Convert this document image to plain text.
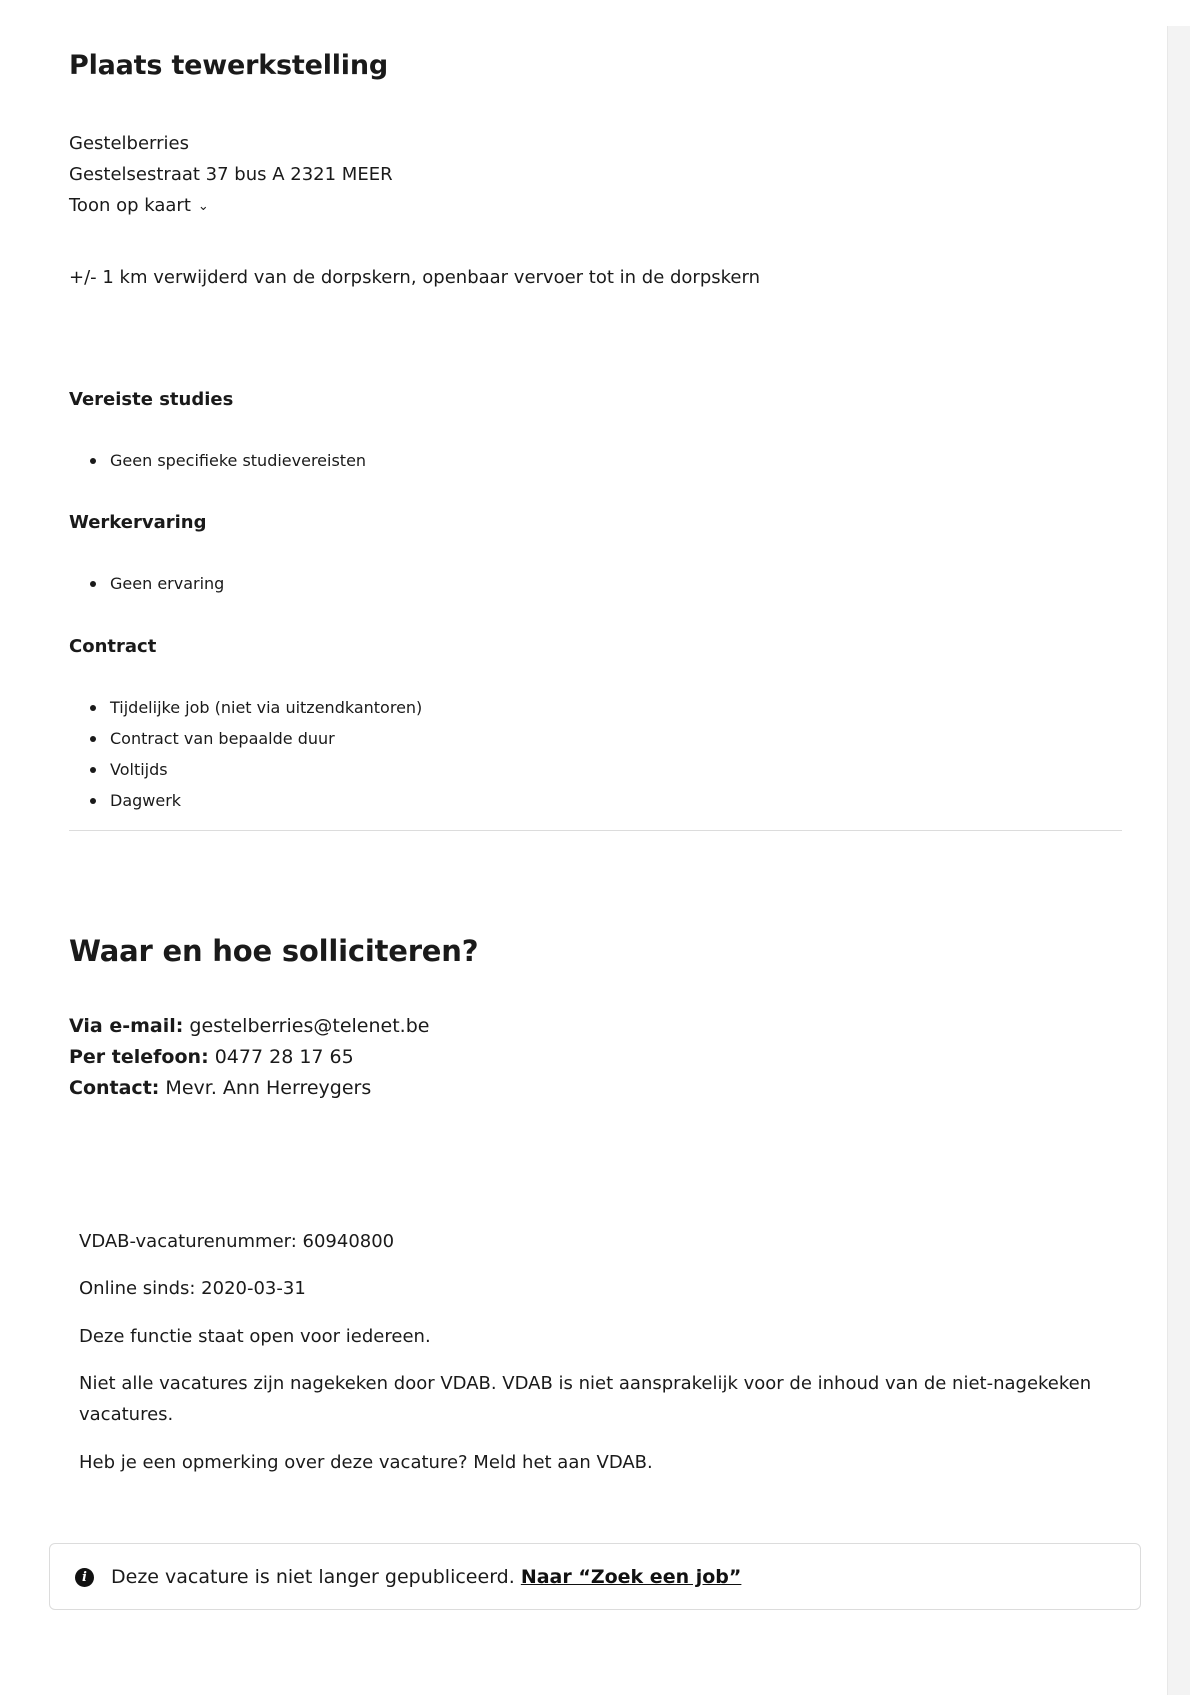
Plaats tewerkstelling
Gestelberries
Gestelsestraat 37 bus A 2321 MEER
Toon op kaart ⌄
+/- 1 km verwijderd van de dorpskern, openbaar vervoer tot in de dorpskern
Vereiste studies
Geen specifieke studievereisten
Werkervaring
Geen ervaring
Contract
Tijdelijke job (niet via uitzendkantoren)
Contract van bepaalde duur
Voltijds
Dagwerk
Waar en hoe solliciteren?
Via e-mail: gestelberries@telenet.be
Per telefoon: 0477 28 17 65
Contact: Mevr. Ann Herreygers
VDAB-vacaturenummer: 60940800
Online sinds: 2020-03-31
Deze functie staat open voor iedereen.
Niet alle vacatures zijn nagekeken door VDAB. VDAB is niet aansprakelijk voor de inhoud van de niet-nagekeken vacatures.
Heb je een opmerking over deze vacature? Meld het aan VDAB.
i	Deze vacature is niet langer gepubliceerd. Naar “Zoek een job”
